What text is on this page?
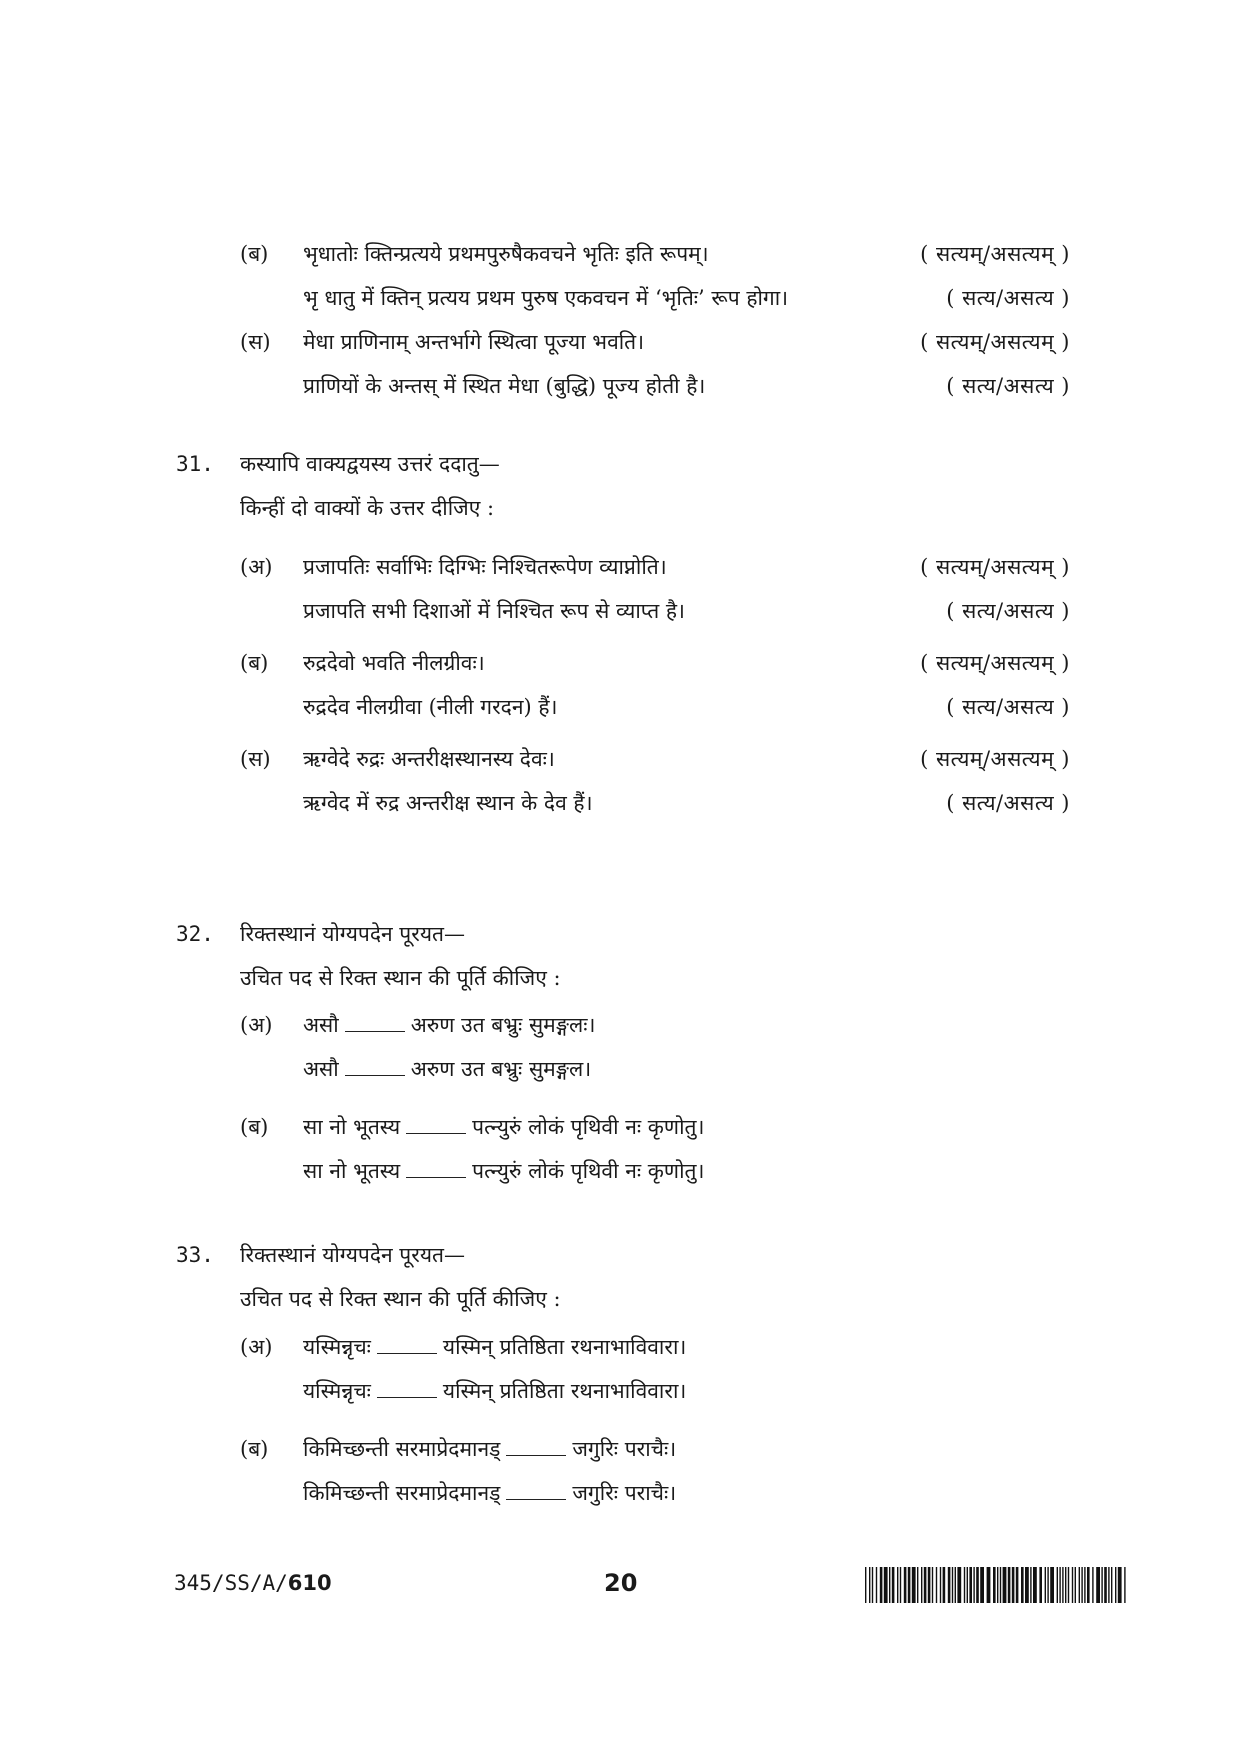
(ब) भृधातोः क्तिन्प्रत्यये प्रथमपुरुषैकवचने भृतिः इति रूपम्।	( सत्यम्/असत्यम् )
भृ धातु में क्तिन् प्रत्यय प्रथम पुरुष एकवचन में ‘भृतिः’ रूप होगा।	( सत्य/असत्य )
(स) मेधा प्राणिनाम् अन्तर्भागे स्थित्वा पूज्या भवति।	( सत्यम्/असत्यम् )
प्राणियों के अन्तस् में स्थित मेधा (बुद्धि) पूज्य होती है।	( सत्य/असत्य )
31. कस्यापि वाक्यद्वयस्य उत्तरं ददातु—
किन्हीं दो वाक्यों के उत्तर दीजिए :
(अ) प्रजापतिः सर्वाभिः दिग्भिः निश्चितरूपेण व्याप्नोति।	( सत्यम्/असत्यम् )
प्रजापति सभी दिशाओं में निश्चित रूप से व्याप्त है।	( सत्य/असत्य )
(ब) रुद्रदेवो भवति नीलग्रीवः।	( सत्यम्/असत्यम् )
रुद्रदेव नीलग्रीवा (नीली गरदन) हैं।	( सत्य/असत्य )
(स) ऋग्वेदे रुद्रः अन्तरीक्षस्थानस्य देवः।	( सत्यम्/असत्यम् )
ऋग्वेद में रुद्र अन्तरीक्ष स्थान के देव हैं।	( सत्य/असत्य )
32. रिक्तस्थानं योग्यपदेन पूरयत—
उचित पद से रिक्त स्थान की पूर्ति कीजिए :
(अ) असौ	अरुण उत बभ्रुः सुमङ्गलः।
असौ	अरुण उत बभ्रुः सुमङ्गल।
(ब) सा नो भूतस्य	पत्न्युरुं लोकं पृथिवी नः कृणोतु।
सा नो भूतस्य	पत्न्युरुं लोकं पृथिवी नः कृणोतु।
33. रिक्तस्थानं योग्यपदेन पूरयत—
उचित पद से रिक्त स्थान की पूर्ति कीजिए :
(अ) यस्मिन्नृचः	यस्मिन् प्रतिष्ठिता रथनाभाविवारा।
यस्मिन्नृचः	यस्मिन् प्रतिष्ठिता रथनाभाविवारा।
(ब) किमिच्छन्ती सरमाप्रेदमानड्	जगुरिः पराचैः।
किमिच्छन्ती सरमाप्रेदमानड्	जगुरिः पराचैः।
345/SS/A/610	20
